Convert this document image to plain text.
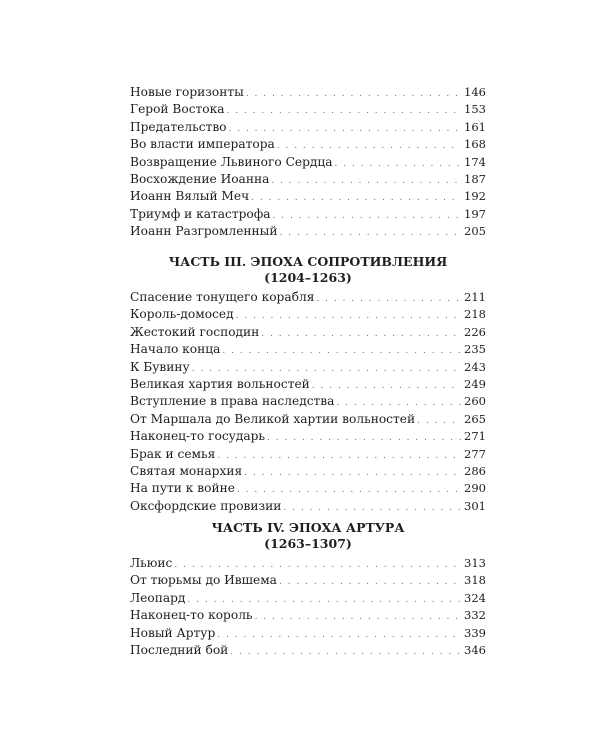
Новые горизонты . . .	146
Герой Востока . . .	153
Предательство . . .	161
Во власти императора . . .	168
Возвращение Львиного Сердца . . .	174
Восхождение Иоанна . . .	187
Иоанн Вялый Меч . . .	192
Триумф и катастрофа . . .	197
Иоанн Разгромленный . . .	205
ЧАСТЬ III. ЭПОХА СОПРОТИВЛЕНИЯ
(1204–1263)
Спасение тонущего корабля . . .	211
Король-домосед . . .	218
Жестокий господин . . .	226
Начало конца . . .	235
К Бувину . . .	243
Великая хартия вольностей . . .	249
Вступление в права наследства . . .	260
От Маршала до Великой хартии вольностей . . .	265
Наконец-то государь . . .	271
Брак и семья . . .	277
Святая монархия . . .	286
На пути к войне . . .	290
Оксфордские провизии . . .	301
ЧАСТЬ IV. ЭПОХА АРТУРА
(1263–1307)
Льюис . . .	313
От тюрьмы до Ившема . . .	318
Леопард . . .	324
Наконец-то король . . .	332
Новый Артур . . .	339
Последний бой . . .	346
